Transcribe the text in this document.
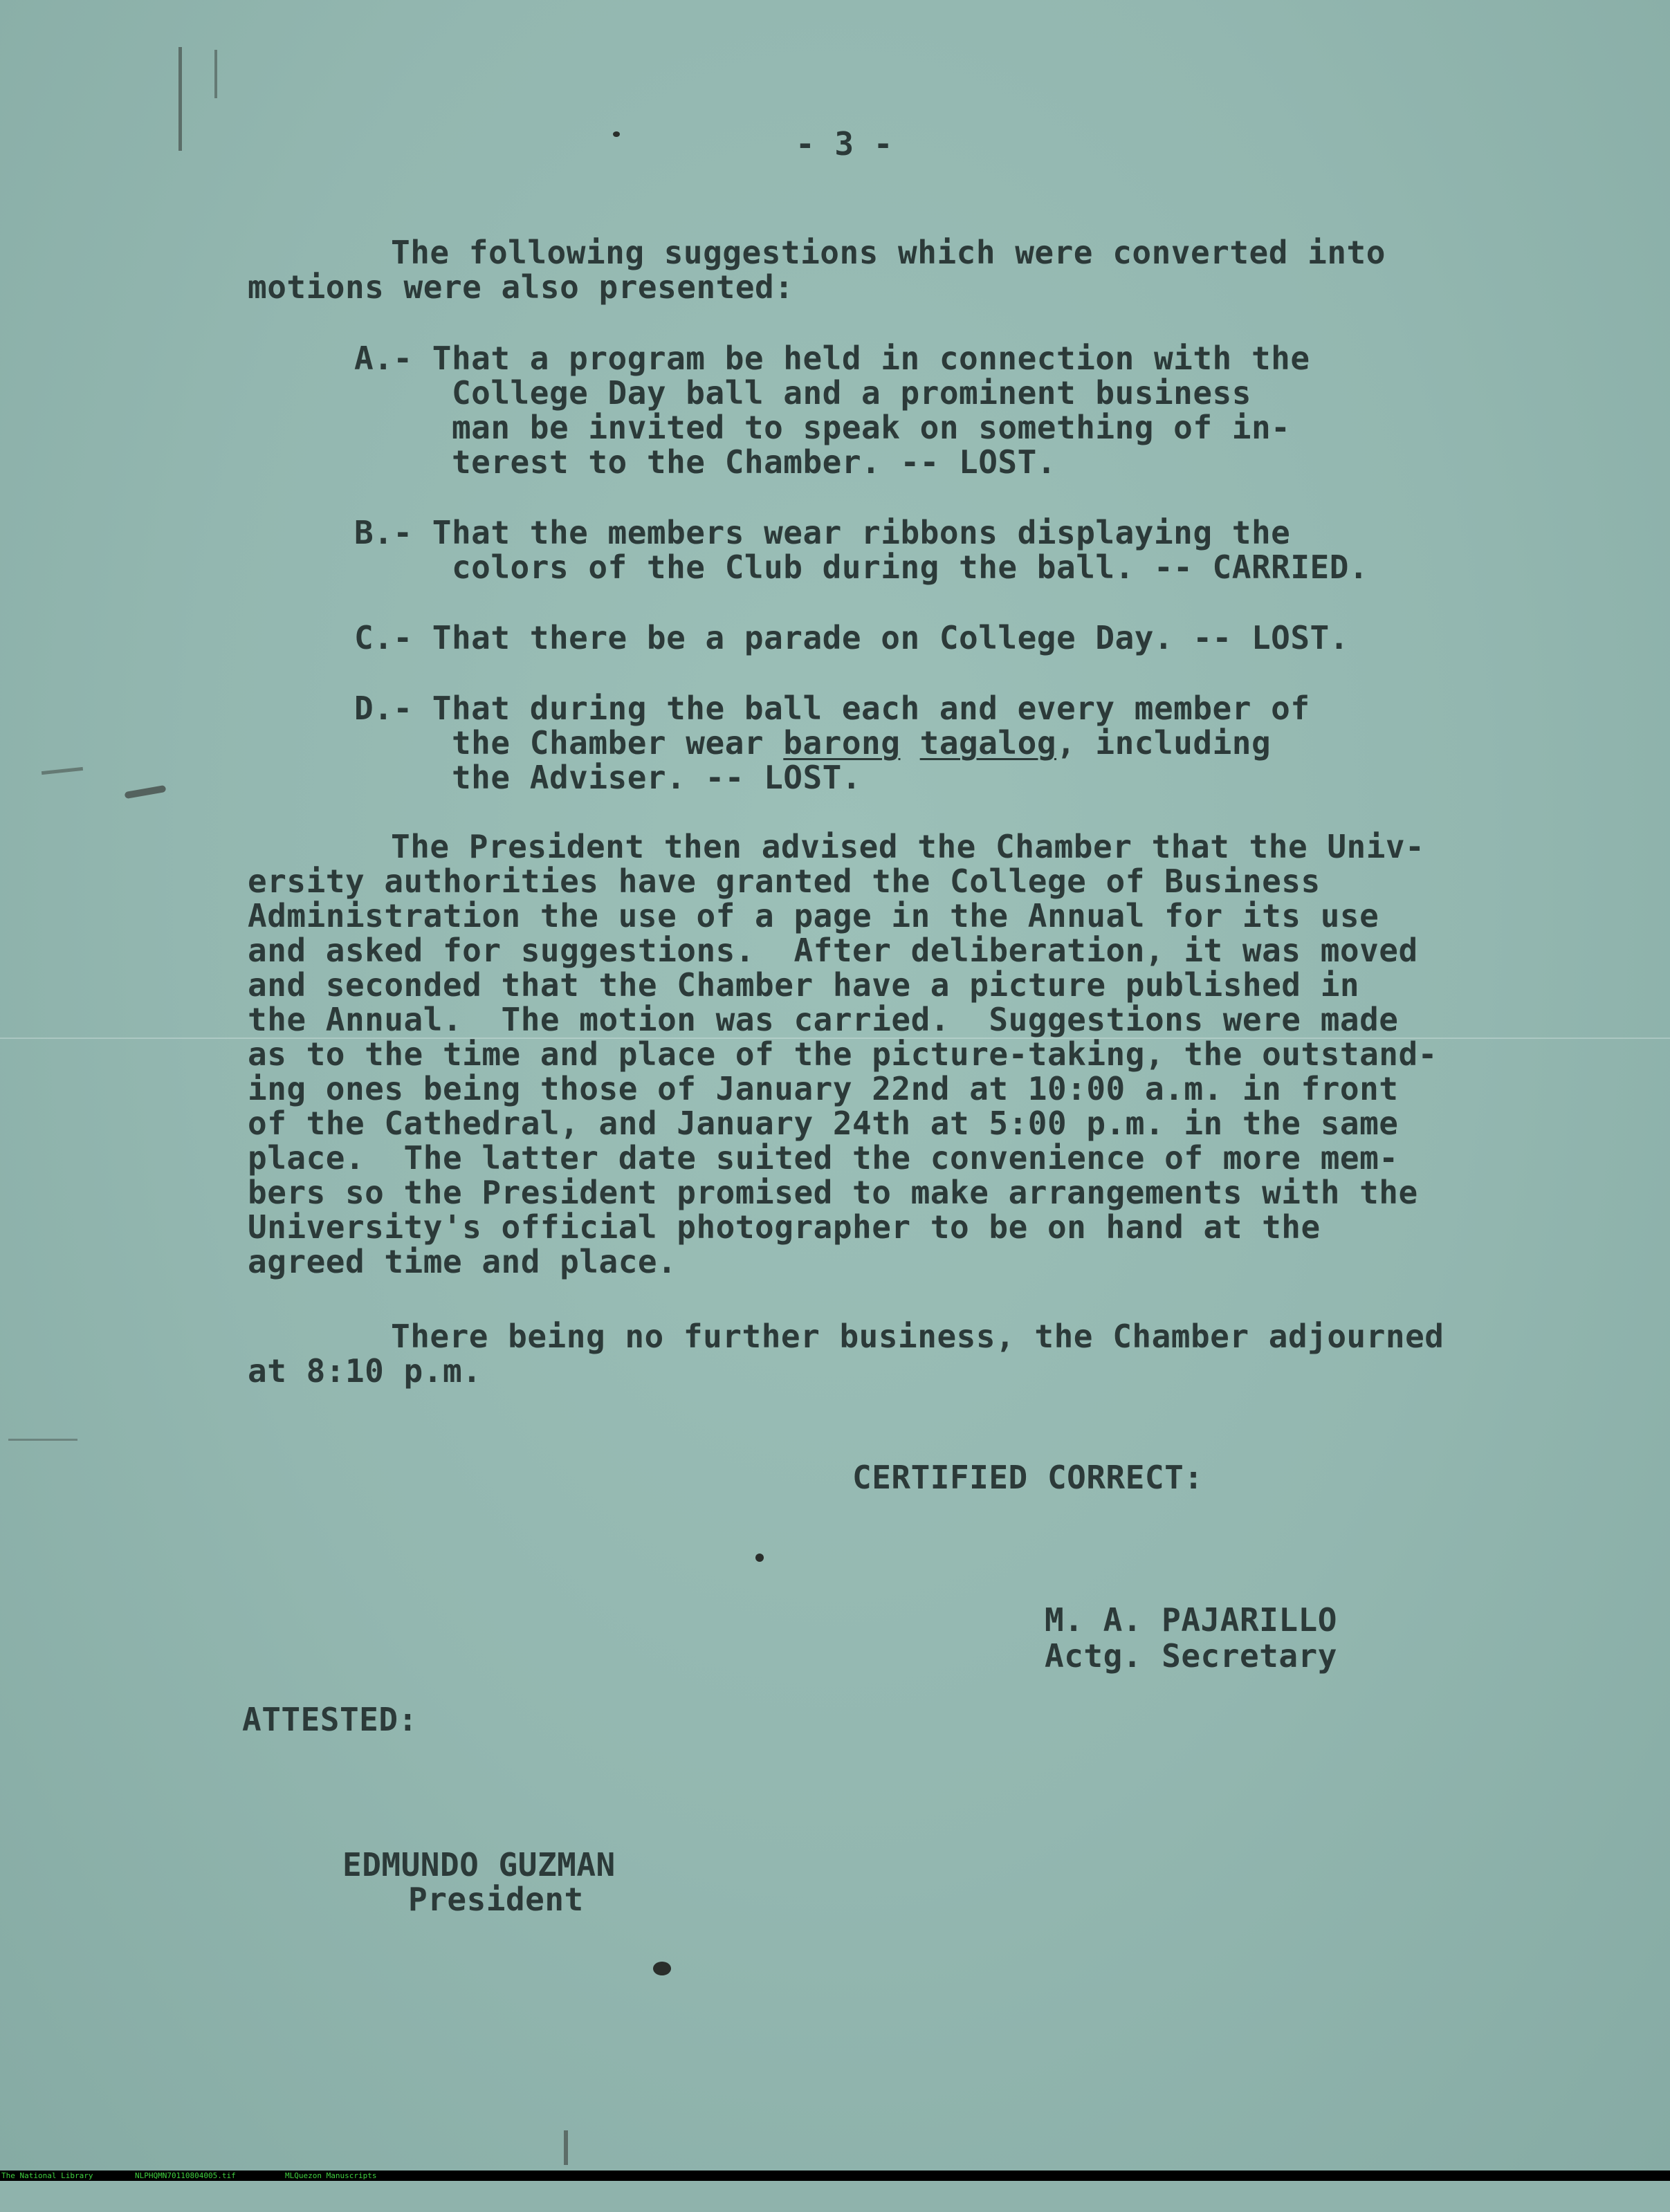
- 3 -
The following suggestions which were converted into
motions were also presented:
A.- That a program be held in connection with the
College Day ball and a prominent business
man be invited to speak on something of in-
terest to the Chamber. -- LOST.
B.- That the members wear ribbons displaying the
colors of the Club during the ball. -- CARRIED.
C.- That there be a parade on College Day. -- LOST.
D.- That during the ball each and every member of
the Chamber wear barong tagalog, including
the Adviser. -- LOST.
The President then advised the Chamber that the Univ-
ersity authorities have granted the College of Business
Administration the use of a page in the Annual for its use
and asked for suggestions.  After deliberation, it was moved
and seconded that the Chamber have a picture published in
the Annual.  The motion was carried.  Suggestions were made
as to the time and place of the picture-taking, the outstand-
ing ones being those of January 22nd at 10:00 a.m. in front
of the Cathedral, and January 24th at 5:00 p.m. in the same
place.  The latter date suited the convenience of more mem-
bers so the President promised to make arrangements with the
University's official photographer to be on hand at the
agreed time and place.
There being no further business, the Chamber adjourned
at 8:10 p.m.
CERTIFIED CORRECT:
M. A. PAJARILLO
Actg. Secretary
ATTESTED:
EDMUNDO GUZMAN
President

The National Library

	NLPHQMN70110804005.tif

	MLQuezon Manuscripts
